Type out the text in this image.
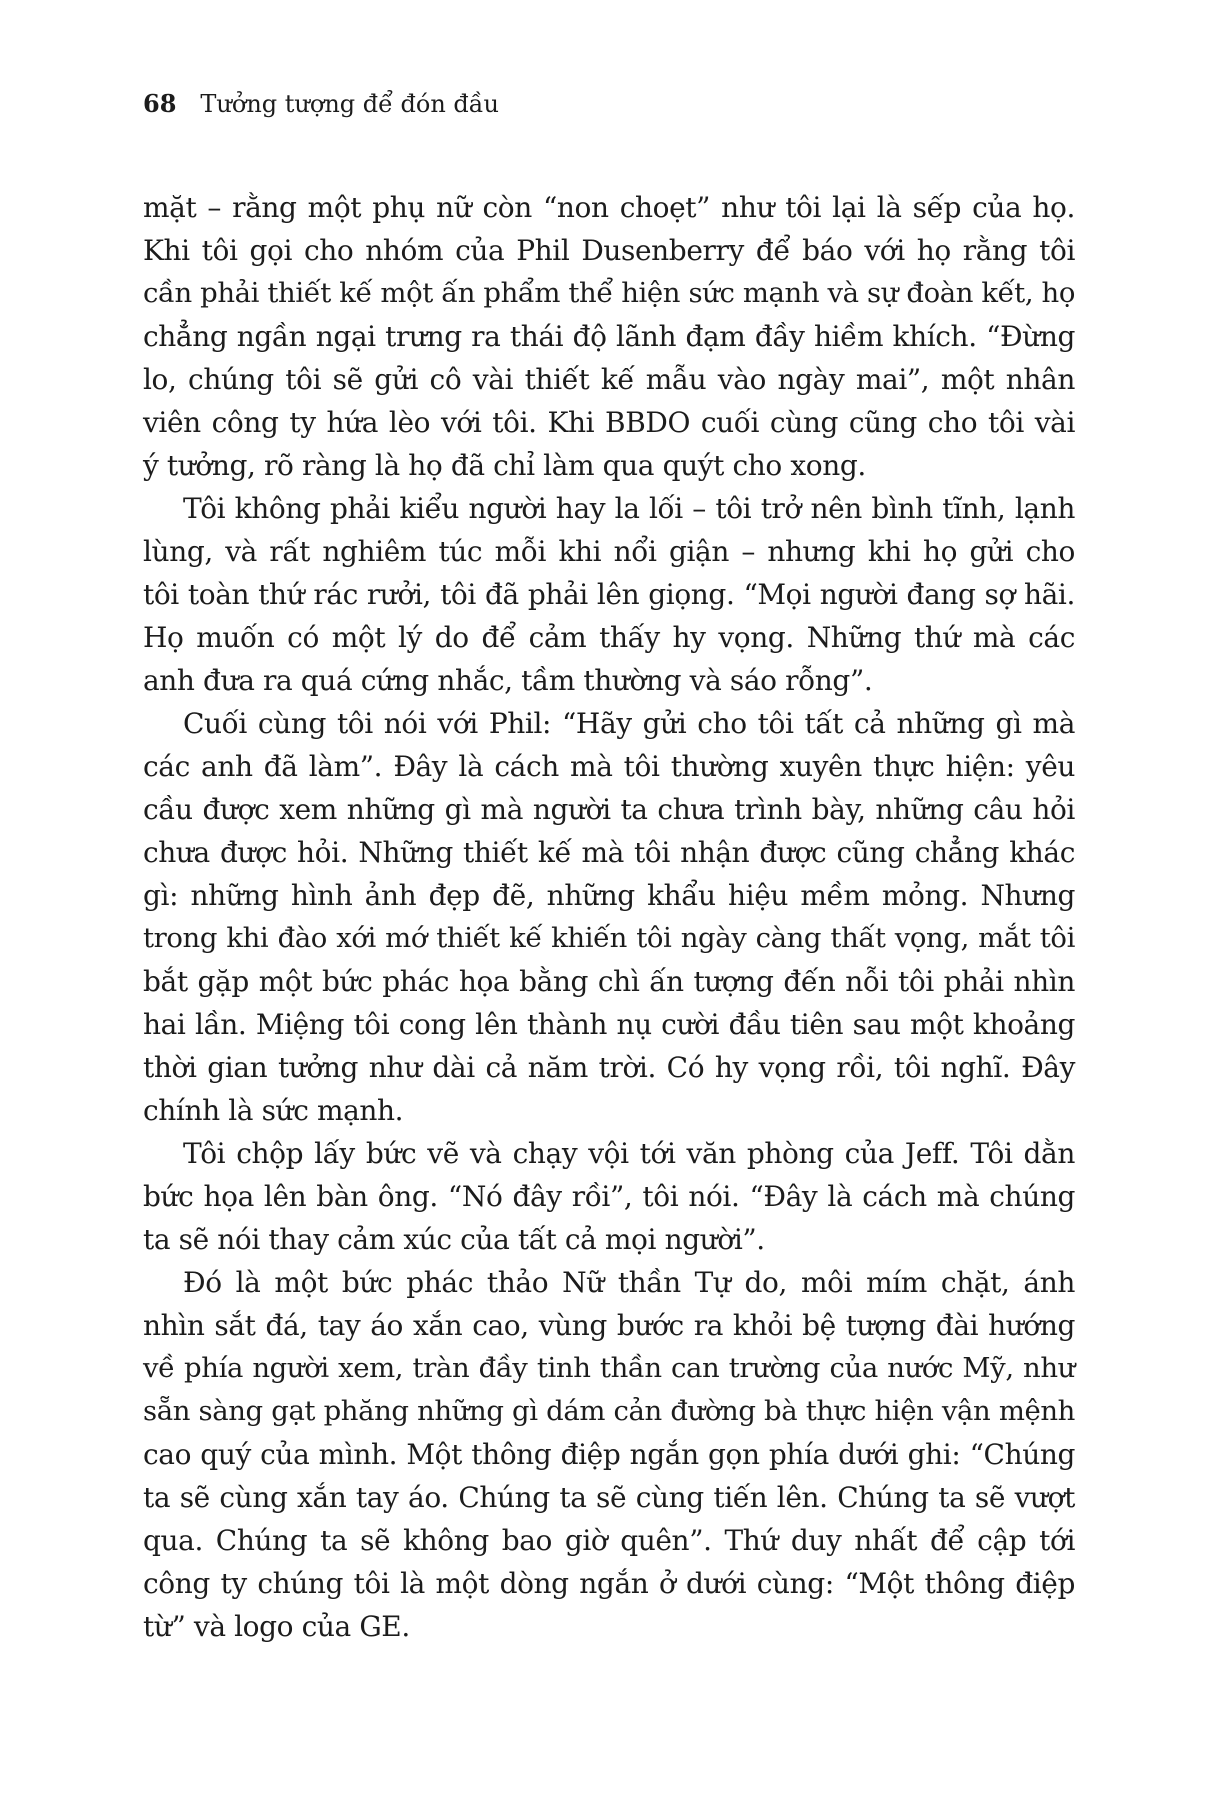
68 Tưởng tượng để đón đầu
mặt – rằng một phụ nữ còn “non choẹt” như tôi lại là sếp của họ.
Khi tôi gọi cho nhóm của Phil Dusenberry để báo với họ rằng tôi
cần phải thiết kế một ấn phẩm thể hiện sức mạnh và sự đoàn kết, họ
chẳng ngần ngại trưng ra thái độ lãnh đạm đầy hiềm khích. “Đừng
lo, chúng tôi sẽ gửi cô vài thiết kế mẫu vào ngày mai”, một nhân
viên công ty hứa lèo với tôi. Khi BBDO cuối cùng cũng cho tôi vài
ý tưởng, rõ ràng là họ đã chỉ làm qua quýt cho xong.
Tôi không phải kiểu người hay la lối – tôi trở nên bình tĩnh, lạnh
lùng, và rất nghiêm túc mỗi khi nổi giận – nhưng khi họ gửi cho
tôi toàn thứ rác rưởi, tôi đã phải lên giọng. “Mọi người đang sợ hãi.
Họ muốn có một lý do để cảm thấy hy vọng. Những thứ mà các
anh đưa ra quá cứng nhắc, tầm thường và sáo rỗng”.
Cuối cùng tôi nói với Phil: “Hãy gửi cho tôi tất cả những gì mà
các anh đã làm”. Đây là cách mà tôi thường xuyên thực hiện: yêu
cầu được xem những gì mà người ta chưa trình bày, những câu hỏi
chưa được hỏi. Những thiết kế mà tôi nhận được cũng chẳng khác
gì: những hình ảnh đẹp đẽ, những khẩu hiệu mềm mỏng. Nhưng
trong khi đào xới mớ thiết kế khiến tôi ngày càng thất vọng, mắt tôi
bắt gặp một bức phác họa bằng chì ấn tượng đến nỗi tôi phải nhìn
hai lần. Miệng tôi cong lên thành nụ cười đầu tiên sau một khoảng
thời gian tưởng như dài cả năm trời. Có hy vọng rồi, tôi nghĩ. Đây
chính là sức mạnh.
Tôi chộp lấy bức vẽ và chạy vội tới văn phòng của Jeff. Tôi dằn
bức họa lên bàn ông. “Nó đây rồi”, tôi nói. “Đây là cách mà chúng
ta sẽ nói thay cảm xúc của tất cả mọi người”.
Đó là một bức phác thảo Nữ thần Tự do, môi mím chặt, ánh
nhìn sắt đá, tay áo xắn cao, vùng bước ra khỏi bệ tượng đài hướng
về phía người xem, tràn đầy tinh thần can trường của nước Mỹ, như
sẵn sàng gạt phăng những gì dám cản đường bà thực hiện vận mệnh
cao quý của mình. Một thông điệp ngắn gọn phía dưới ghi: “Chúng
ta sẽ cùng xắn tay áo. Chúng ta sẽ cùng tiến lên. Chúng ta sẽ vượt
qua. Chúng ta sẽ không bao giờ quên”. Thứ duy nhất để cập tới
công ty chúng tôi là một dòng ngắn ở dưới cùng: “Một thông điệp
từ” và logo của GE.
